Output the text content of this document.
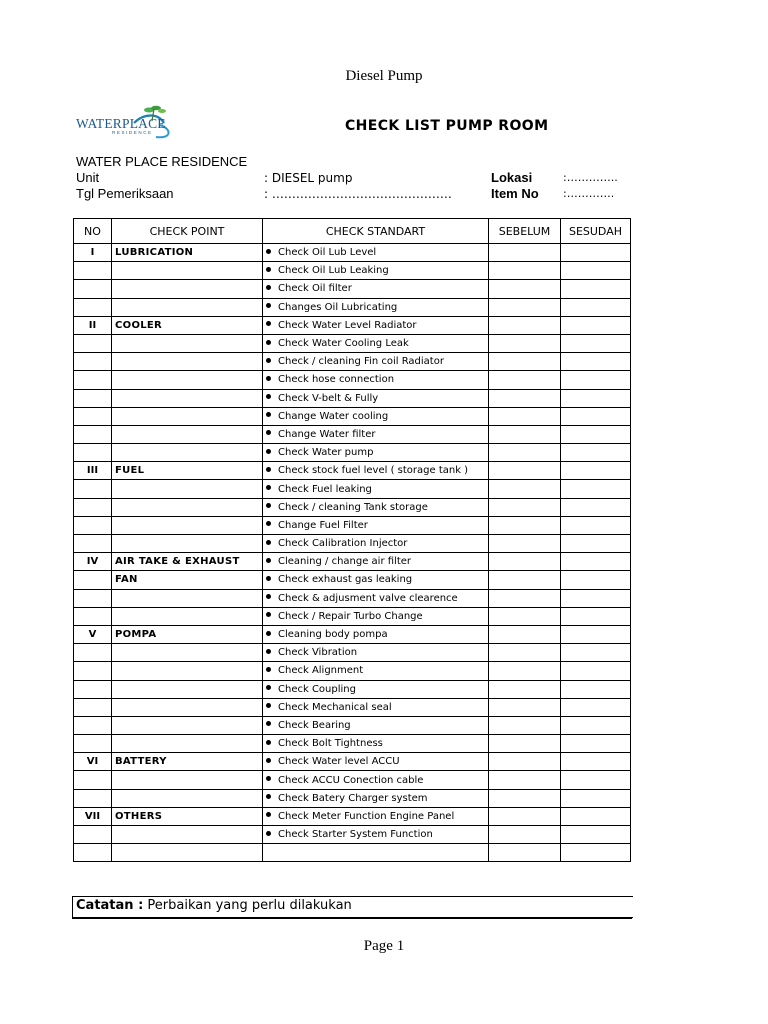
Diesel Pump
WATERPLACE
RESIDENCE	CHECK LIST PUMP ROOM
WATER PLACE RESIDENCE
Unit	: DIESEL pump
Tgl Pemeriksaan	: ………………………………………
Lokasi	:…………..
Item No :………….
NO	CHECK POINT	CHECK STANDART	SEBELUM	SESUDAH
I	LUBRICATION	Check Oil Lub Level		
		Check Oil Lub Leaking		
		Check Oil filter		
		Changes Oil Lubricating		
II	COOLER	Check Water Level Radiator		
		Check Water Cooling Leak		
		Check / cleaning Fin coil Radiator		
		Check hose connection		
		Check V-belt & Fully		
		Change Water cooling		
		Change Water filter		
		Check Water pump		
III	FUEL	Check stock fuel level ( storage tank )		
		Check Fuel leaking		
		Check / cleaning Tank storage		
		Change Fuel Filter		
		Check Calibration Injector		
IV	AIR TAKE & EXHAUST	Cleaning / change air filter		
	FAN	Check exhaust gas leaking		
		Check & adjusment valve clearence		
		Check / Repair Turbo Change		
V	POMPA	Cleaning body pompa		
		Check Vibration		
		Check Alignment		
		Check Coupling		
		Check Mechanical seal		
		Check Bearing		
		Check Bolt Tightness		
VI	BATTERY	Check Water level ACCU		
		Check ACCU Conection cable		
		Check Batery Charger system		
VII	OTHERS	Check Meter Function Engine Panel		
		Check Starter System Function		

Catatan : Perbaikan yang perlu dilakukan
Page 1
